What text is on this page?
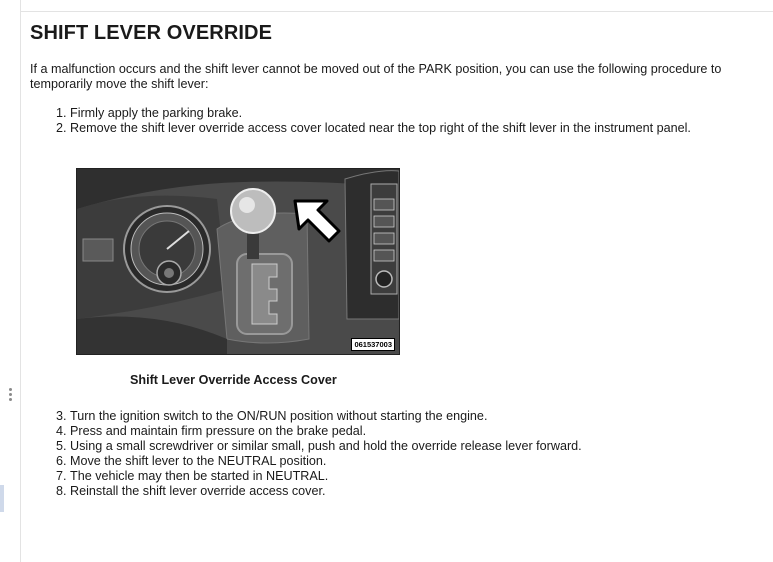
SHIFT LEVER OVERRIDE

If a malfunction occurs and the shift lever cannot be moved out of the PARK position, you can use the following procedure to temporarily move the shift lever:

1. Firmly apply the parking brake.
2. Remove the shift lever override access cover located near the top right of the shift lever in the instrument panel.
061537003
Shift Lever Override Access Cover
3. Turn the ignition switch to the ON/RUN position without starting the engine.
4. Press and maintain firm pressure on the brake pedal.
5. Using a small screwdriver or similar small, push and hold the override release lever forward.
6. Move the shift lever to the NEUTRAL position.
7. The vehicle may then be started in NEUTRAL.
8. Reinstall the shift lever override access cover.
